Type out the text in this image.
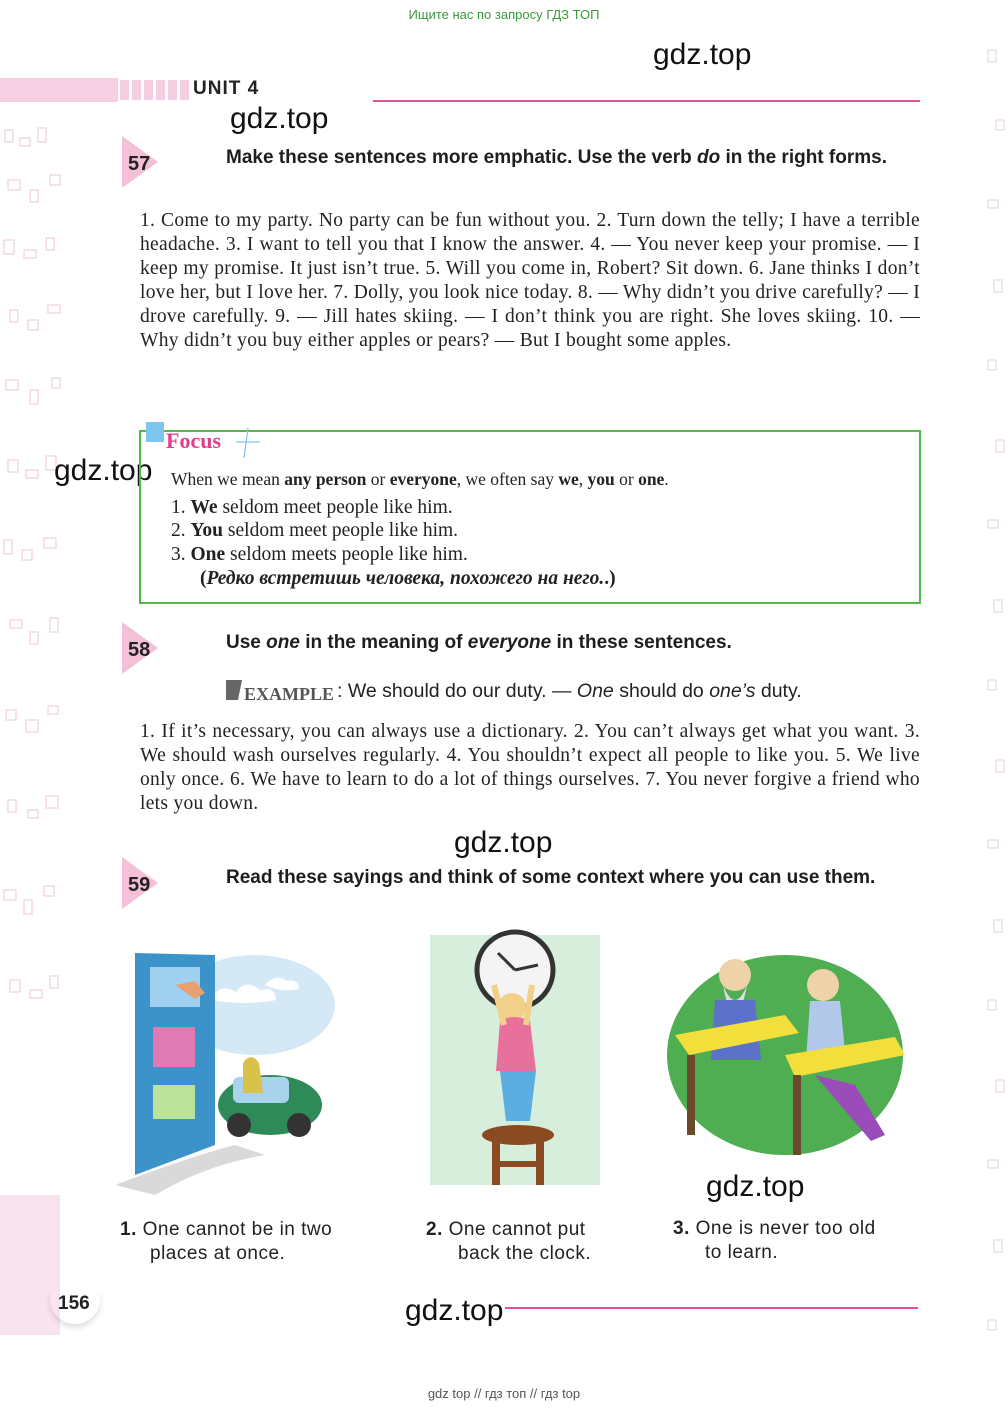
Ищите нас по запросу ГДЗ ТОП
gdz.top
gdz.top
gdz.top
gdz.top
gdz.top
gdz.top
UNIT 4
57	Make these sentences more emphatic. Use the verb do in the right forms.
1. Come to my party. No party can be fun without you. 2. Turn down the telly; I have a terrible headache. 3. I want to tell you that I know the answer. 4. — You never keep your promise. — I keep my promise. It just isn’t true. 5. Will you come in, Robert? Sit down. 6. Jane thinks I don’t love her, but I love her. 7. Dolly, you look nice today. 8. — Why didn’t you drive carefully? — I drove carefully. 9. — Jill hates skiing. — I don’t think you are right. She loves skiing. 10. — Why didn’t you buy either apples or pears? — But I bought some apples.
Focus
When we mean any person or everyone, we often say we, you or one.
1. We seldom meet people like him.
2. You seldom meet people like him.
3. One seldom meets people like him.
(Редко встретишь человека, похожего на него..)
58	Use one in the meaning of everyone in these sentences.
EXAMPLE : We should do our duty. — One should do one’s duty.
1. If it’s necessary, you can always use a dictionary. 2. You can’t always get what you want. 3. We should wash ourselves regularly. 4. You shouldn’t expect all people to like you. 5. We live only once. 6. We have to learn to do a lot of things ourselves. 7. You never forgive a friend who lets you down.
59	Read these sayings and think of some context where you can use them.
1. One cannot be in two
places at once.
2. One cannot put
back the clock.
3. One is never too old
to learn.
156
gdz top // гдз топ // гдз top
